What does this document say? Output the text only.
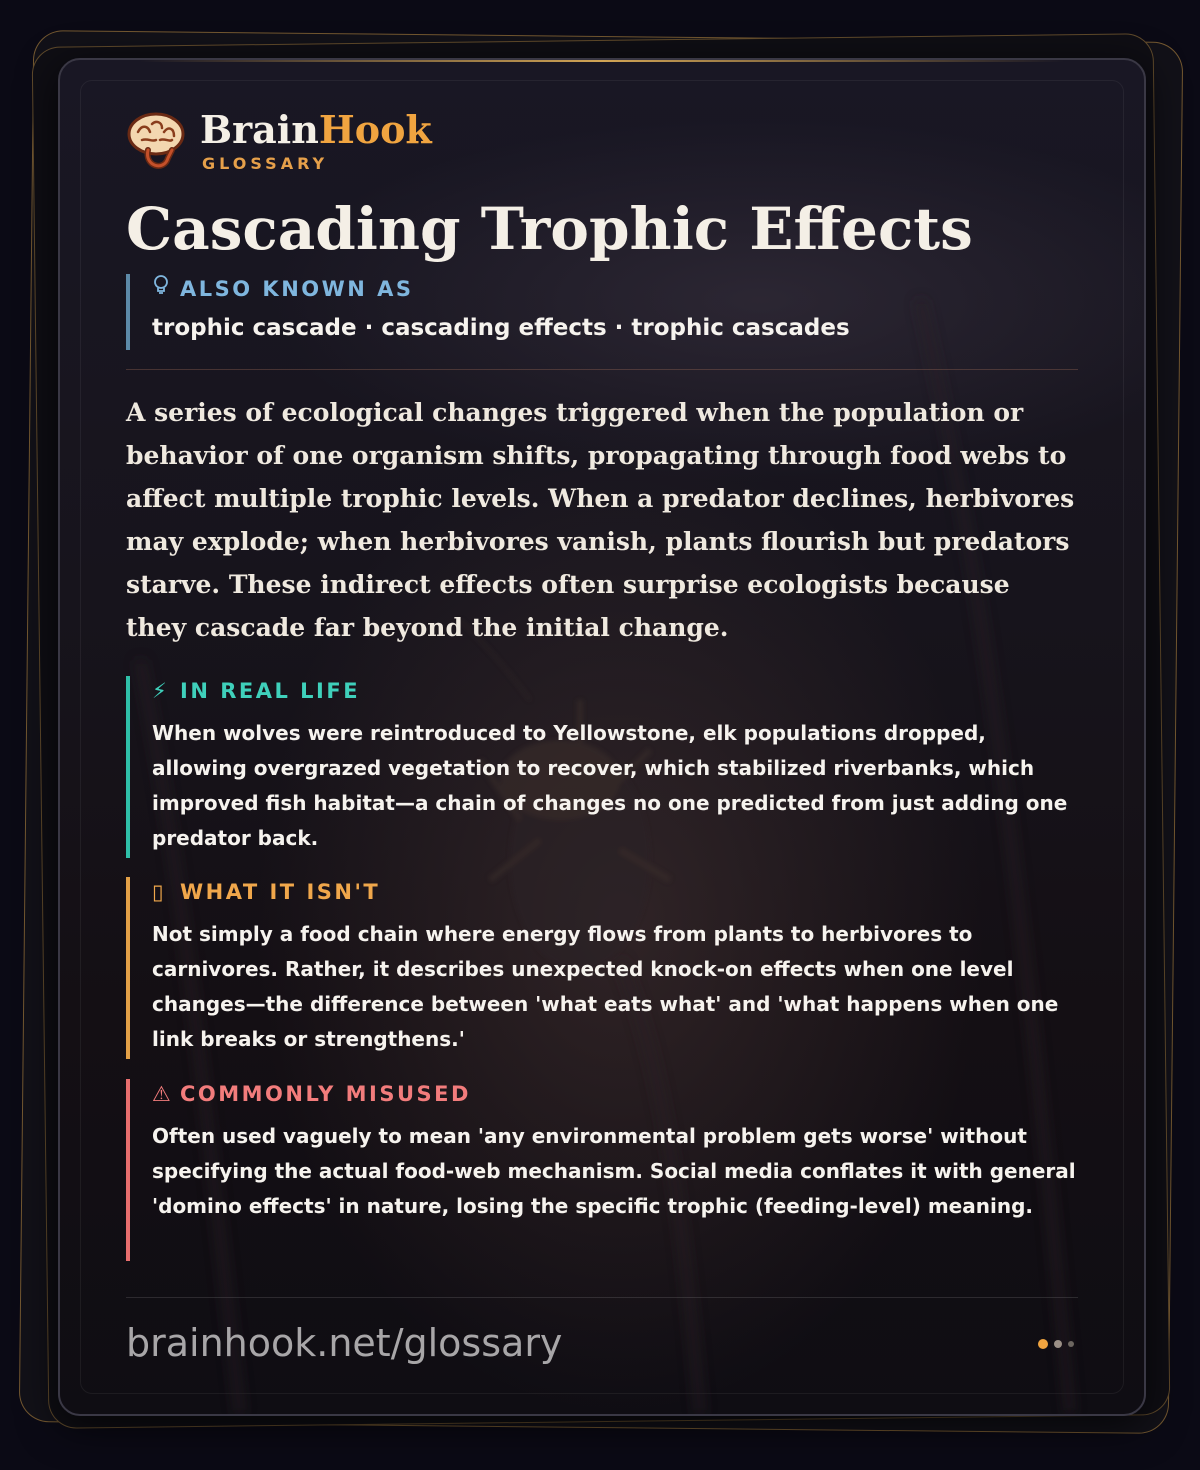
BrainHook
GLOSSARY
Cascading Trophic Effects
ALSO KNOWN AS
trophic cascade · cascading effects · trophic cascades

A series of ecological changes triggered when the population or behavior of one organism shifts, propagating through food webs to affect multiple trophic levels. When a predator declines, herbivores may explode; when herbivores vanish, plants flourish but predators starve. These indirect effects often surprise ecologists because they cascade far beyond the initial change.

⚡ IN REAL LIFE
When wolves were reintroduced to Yellowstone, elk populations dropped, allowing overgrazed vegetation to recover, which stabilized riverbanks, which improved fish habitat—a chain of changes no one predicted from just adding one predator back.
▯ WHAT IT ISN'T
Not simply a food chain where energy flows from plants to herbivores to carnivores. Rather, it describes unexpected knock-on effects when one level changes—the difference between 'what eats what' and 'what happens when one link breaks or strengthens.'
⚠ COMMONLY MISUSED
Often used vaguely to mean 'any environmental problem gets worse' without specifying the actual food-web mechanism. Social media conflates it with general 'domino effects' in nature, losing the specific trophic (feeding-level) meaning.
brainhook.net/glossary
